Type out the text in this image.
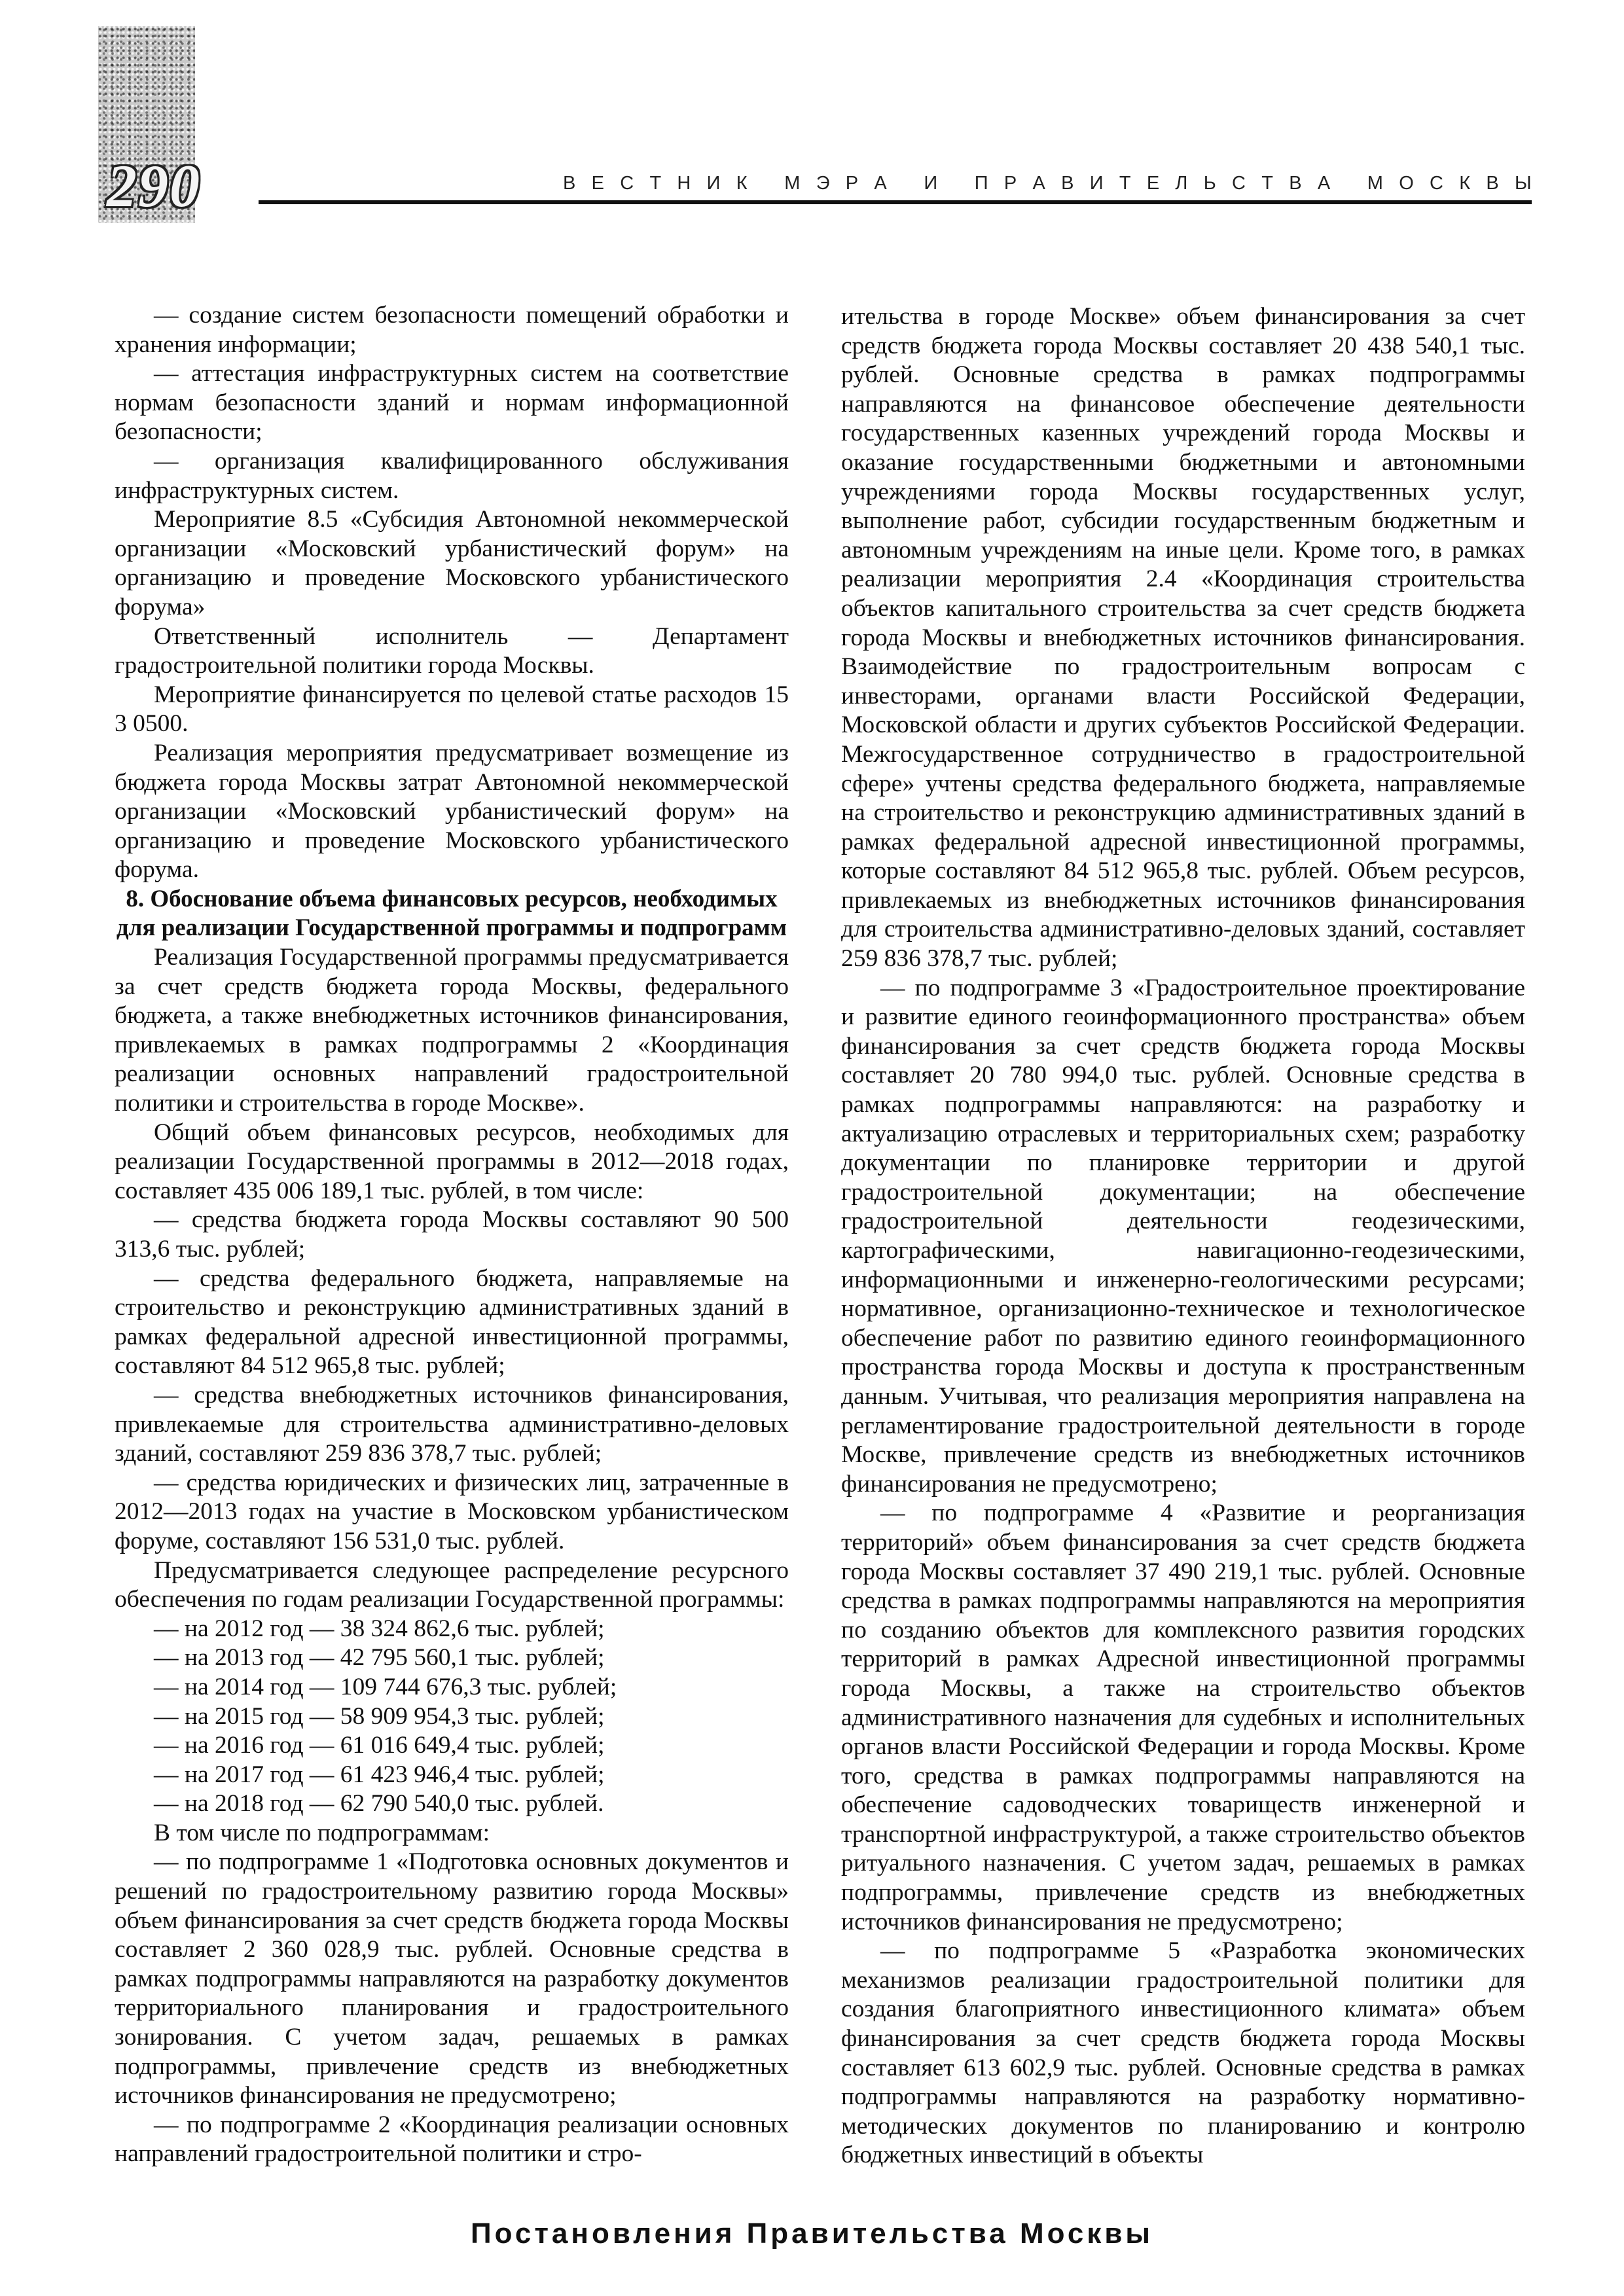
290	В Е С Т Н И К
М Э Р А
И
П Р А В И Т Е Л Ь С Т В А
М О С К В Ы
— создание систем безопасности помещений обработки и хранения информации;
— аттестация инфраструктурных систем на соответствие нормам безопасности зданий и нормам информационной безопасности;
— организация квалифицированного обслуживания инфраструктурных систем.
Мероприятие 8.5 «Субсидия Автономной некоммерческой организации «Московский урбанистический форум» на организацию и проведение Московского урбанистического форума»
Ответственный исполнитель — Департамент градостроительной политики города Москвы.
Мероприятие финансируется по целевой статье расходов 15 3 0500.
Реализация мероприятия предусматривает возмещение из бюджета города Москвы затрат Автономной некоммерческой организации «Московский урбанистический форум» на организацию и проведение Московского урбанистического форума.
8. Обоснование объема финансовых ресурсов, необходимых для реализации Государственной программы и подпрограмм
Реализация Государственной программы предусматривается за счет средств бюджета города Москвы, федерального бюджета, а также внебюджетных источников финансирования, привлекаемых в рамках подпрограммы 2 «Координация реализации основных направлений градостроительной политики и строительства в городе Москве».
Общий объем финансовых ресурсов, необходимых для реализации Государственной программы в 2012—2018 годах, составляет 435 006 189,1 тыс. рублей, в том числе:
— средства бюджета города Москвы составляют 90 500 313,6 тыс. рублей;
— средства федерального бюджета, направляемые на строительство и реконструкцию административных зданий в рамках федеральной адресной инвестиционной программы, составляют 84 512 965,8 тыс. рублей;
— средства внебюджетных источников финансирования, привлекаемые для строительства административно-деловых зданий, составляют 259 836 378,7 тыс. рублей;
— средства юридических и физических лиц, затраченные в 2012—2013 годах на участие в Московском урбанистическом форуме, составляют 156 531,0 тыс. рублей.
Предусматривается следующее распределение ресурсного обеспечения по годам реализации Государственной программы:
— на 2012 год — 38 324 862,6 тыс. рублей;
— на 2013 год — 42 795 560,1 тыс. рублей;
— на 2014 год — 109 744 676,3 тыс. рублей;
— на 2015 год — 58 909 954,3 тыс. рублей;
— на 2016 год — 61 016 649,4 тыс. рублей;
— на 2017 год — 61 423 946,4 тыс. рублей;
— на 2018 год — 62 790 540,0 тыс. рублей.
В том числе по подпрограммам:
— по подпрограмме 1 «Подготовка основных документов и решений по градостроительному развитию города Москвы» объем финансирования за счет средств бюджета города Москвы составляет 2 360 028,9 тыс. рублей. Основные средства в рамках подпрограммы направляются на разработку документов территориального планирования и градостроительного зонирования. С учетом задач, решаемых в рамках подпрограммы, привлечение средств из внебюджетных источников финансирования не предусмотрено;
— по подпрограмме 2 «Координация реализации основных направлений градостроительной политики и стро-
ительства в городе Москве» объем финансирования за счет средств бюджета города Москвы составляет 20 438 540,1 тыс. рублей. Основные средства в рамках подпрограммы направляются на финансовое обеспечение деятельности государственных казенных учреждений города Москвы и оказание государственными бюджетными и автономными учреждениями города Москвы государственных услуг, выполнение работ, субсидии государственным бюджетным и автономным учреждениям на иные цели. Кроме того, в рамках реализации мероприятия 2.4 «Координация строительства объектов капитального строительства за счет средств бюджета города Москвы и внебюджетных источников финансирования. Взаимодействие по градостроительным вопросам с инвесторами, органами власти Российской Федерации, Московской области и других субъектов Российской Федерации. Межгосударственное сотрудничество в градостроительной сфере» учтены средства федерального бюджета, направляемые на строительство и реконструкцию административных зданий в рамках федеральной адресной инвестиционной программы, которые составляют 84 512 965,8 тыс. рублей. Объем ресурсов, привлекаемых из внебюджетных источников финансирования для строительства административно-деловых зданий, составляет 259 836 378,7 тыс. рублей;
— по подпрограмме 3 «Градостроительное проектирование и развитие единого геоинформационного пространства» объем финансирования за счет средств бюджета города Москвы составляет 20 780 994,0 тыс. рублей. Основные средства в рамках подпрограммы направляются: на разработку и актуализацию отраслевых и территориальных схем; разработку документации по планировке территории и другой градостроительной документации; на обеспечение градостроительной деятельности геодезическими, картографическими, навигационно-геодезическими, информационными и инженерно-геологическими ресурсами; нормативное, организационно-техническое и технологическое обеспечение работ по развитию единого геоинформационного пространства города Москвы и доступа к пространственным данным. Учитывая, что реализация мероприятия направлена на регламентирование градостроительной деятельности в городе Москве, привлечение средств из внебюджетных источников финансирования не предусмотрено;
— по подпрограмме 4 «Развитие и реорганизация территорий» объем финансирования за счет средств бюджета города Москвы составляет 37 490 219,1 тыс. рублей. Основные средства в рамках подпрограммы направляются на мероприятия по созданию объектов для комплексного развития городских территорий в рамках Адресной инвестиционной программы города Москвы, а также на строительство объектов административного назначения для судебных и исполнительных органов власти Российской Федерации и города Москвы. Кроме того, средства в рамках подпрограммы направляются на обеспечение садоводческих товариществ инженерной и транспортной инфраструктурой, а также строительство объектов ритуального назначения. С учетом задач, решаемых в рамках подпрограммы, привлечение средств из внебюджетных источников финансирования не предусмотрено;
— по подпрограмме 5 «Разработка экономических механизмов реализации градостроительной политики для создания благоприятного инвестиционного климата» объем финансирования за счет средств бюджета города Москвы составляет 613 602,9 тыс. рублей. Основные средства в рамках подпрограммы направляются на разработку нормативно-методических документов по планированию и контролю бюджетных инвестиций в объекты
Постановления Правительства Москвы
